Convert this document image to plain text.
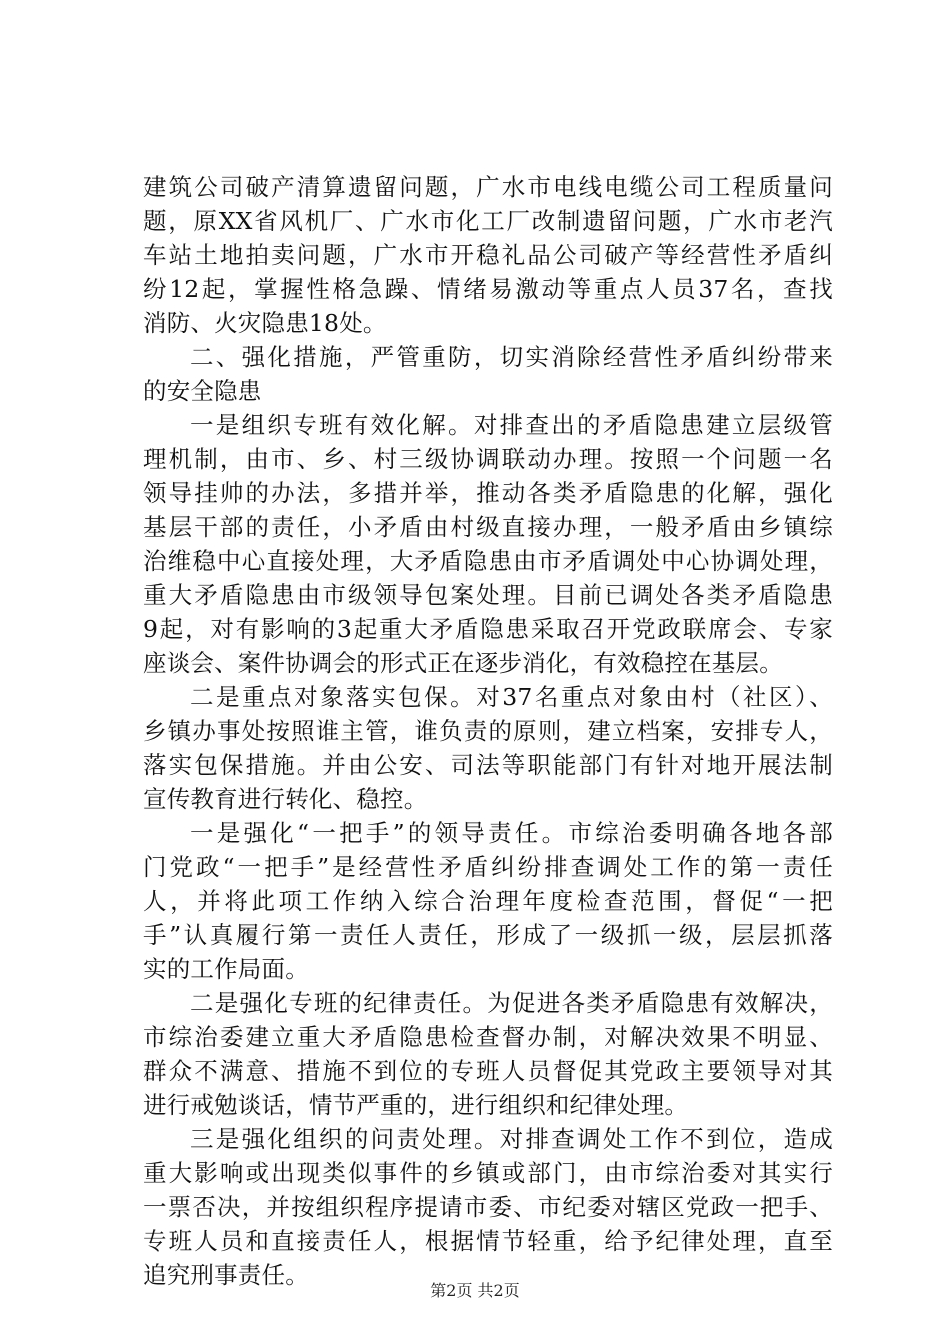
建筑公司破产清算遗留问题，广水市电线电缆公司工程质量问
题，原XX省风机厂、广水市化工厂改制遗留问题，广水市老汽
车站土地拍卖问题，广水市开稳礼品公司破产等经营性矛盾纠
纷12起，掌握性格急躁、情绪易激动等重点人员37名，查找
消防、火灾隐患18处。
二、强化措施，严管重防，切实消除经营性矛盾纠纷带来
的安全隐患
一是组织专班有效化解。对排查出的矛盾隐患建立层级管
理机制，由市、乡、村三级协调联动办理。按照一个问题一名
领导挂帅的办法，多措并举，推动各类矛盾隐患的化解，强化
基层干部的责任，小矛盾由村级直接办理，一般矛盾由乡镇综
治维稳中心直接处理，大矛盾隐患由市矛盾调处中心协调处理，
重大矛盾隐患由市级领导包案处理。目前已调处各类矛盾隐患
9起，对有影响的3起重大矛盾隐患采取召开党政联席会、专家
座谈会、案件协调会的形式正在逐步消化，有效稳控在基层。
二是重点对象落实包保。对37名重点对象由村（社区）、
乡镇办事处按照谁主管，谁负责的原则，建立档案，安排专人，
落实包保措施。并由公安、司法等职能部门有针对地开展法制
宣传教育进行转化、稳控。
一是强化“一把手”的领导责任。市综治委明确各地各部
门党政“一把手”是经营性矛盾纠纷排查调处工作的第一责任
人，并将此项工作纳入综合治理年度检查范围，督促“一把
手”认真履行第一责任人责任，形成了一级抓一级，层层抓落
实的工作局面。
二是强化专班的纪律责任。为促进各类矛盾隐患有效解决，
市综治委建立重大矛盾隐患检查督办制，对解决效果不明显、
群众不满意、措施不到位的专班人员督促其党政主要领导对其
进行戒勉谈话，情节严重的，进行组织和纪律处理。
三是强化组织的问责处理。对排查调处工作不到位，造成
重大影响或出现类似事件的乡镇或部门，由市综治委对其实行
一票否决，并按组织程序提请市委、市纪委对辖区党政一把手、
专班人员和直接责任人，根据情节轻重，给予纪律处理，直至
追究刑事责任。
第2页 共2页
